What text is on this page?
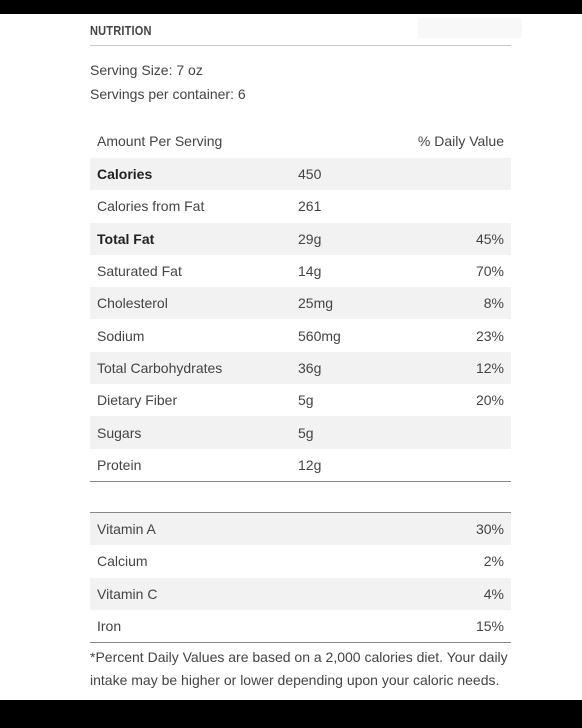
NUTRITION
Serving Size: 7 oz
Servings per container: 6
Amount Per Serving	% Daily Value
Calories	450
Calories from Fat	261
Total Fat	29g	45%
Saturated Fat	14g	70%
Cholesterol	25mg	8%
Sodium	560mg	23%
Total Carbohydrates	36g	12%
Dietary Fiber	5g	20%
Sugars	5g
Protein	12g
Vitamin A	30%
Calcium	2%
Vitamin C	4%
Iron	15%
*Percent Daily Values are based on a 2,000 calories diet. Your daily intake may be higher or lower depending upon your caloric needs.
